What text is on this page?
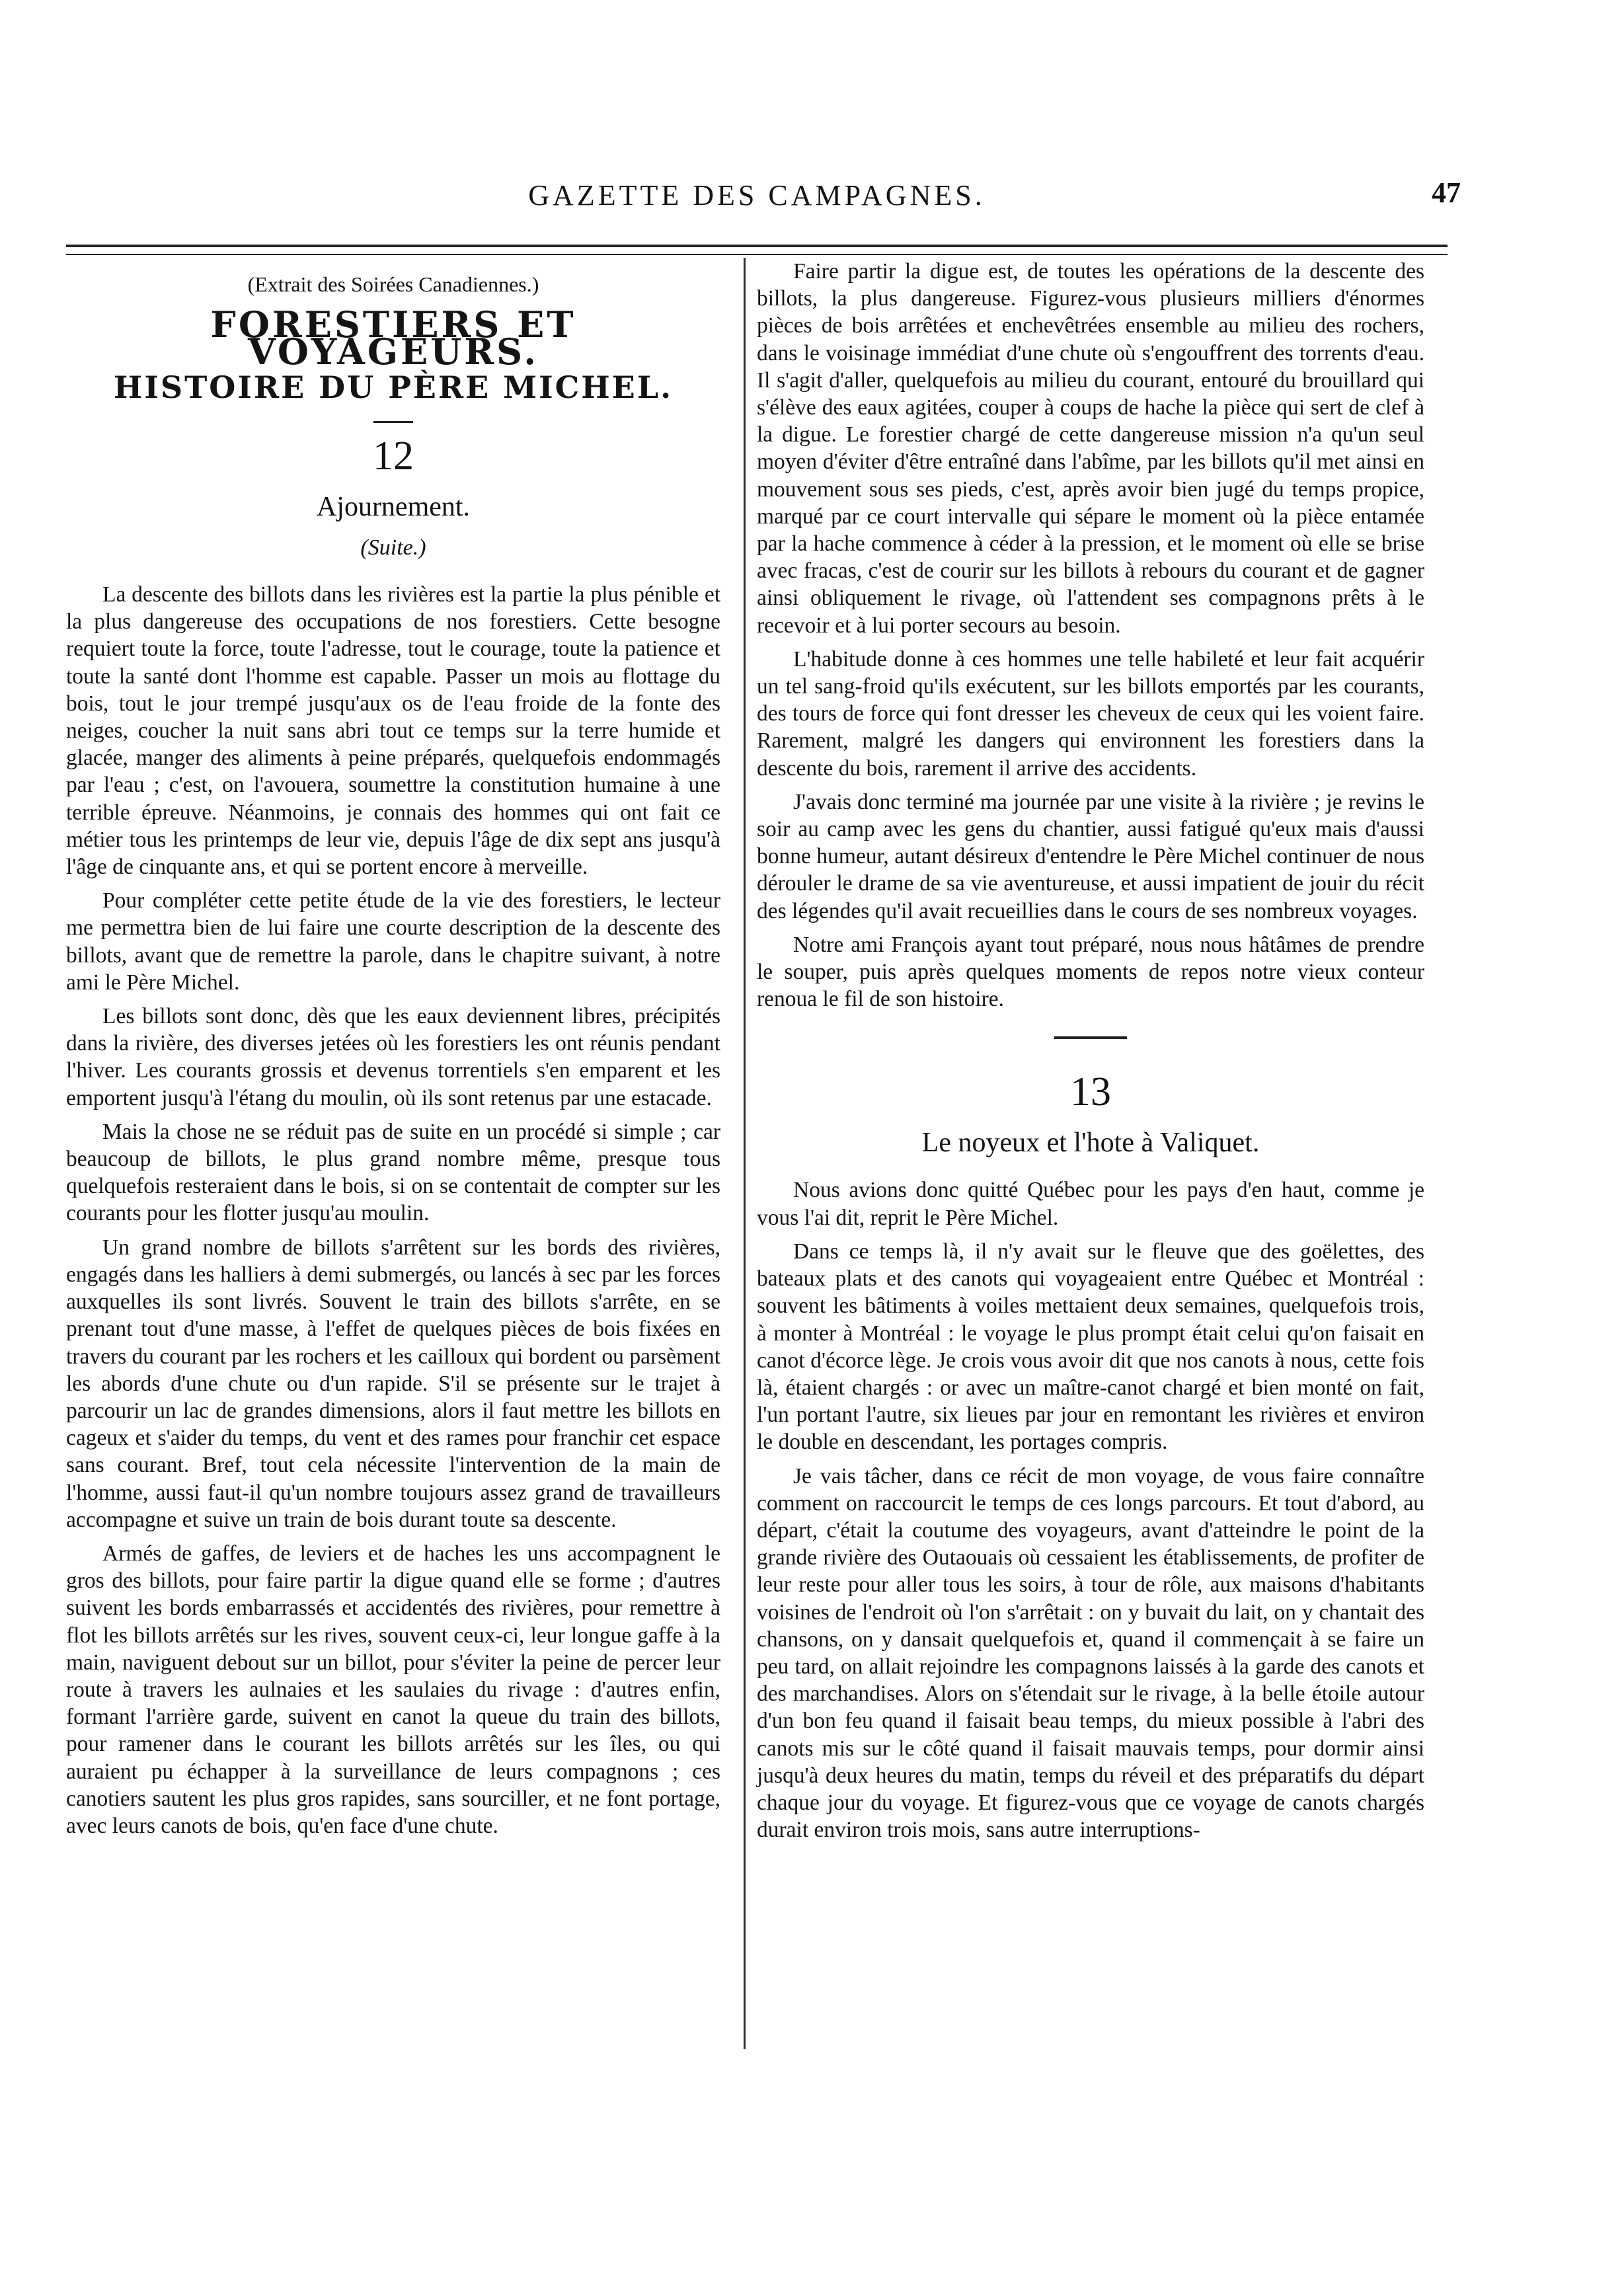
GAZETTE DES CAMPAGNES.	47
(Extrait des Soirées Canadiennes.)
FORESTIERS ET VOYAGEURS.
HISTOIRE DU PÈRE MICHEL.
12
Ajournement.
(Suite.)

La descente des billots dans les rivières est la partie la plus pénible et la plus dangereuse des occupations de nos forestiers. Cette besogne requiert toute la force, toute l'adresse, tout le courage, toute la patience et toute la santé dont l'homme est capable. Passer un mois au flottage du bois, tout le jour trempé jusqu'aux os de l'eau froide de la fonte des neiges, coucher la nuit sans abri tout ce temps sur la terre humide et glacée, manger des aliments à peine préparés, quelquefois endommagés par l'eau ; c'est, on l'avouera, soumettre la constitution humaine à une terrible épreuve. Néanmoins, je connais des hommes qui ont fait ce métier tous les printemps de leur vie, depuis l'âge de dix sept ans jusqu'à l'âge de cinquante ans, et qui se portent encore à merveille.

Pour compléter cette petite étude de la vie des forestiers, le lecteur me permettra bien de lui faire une courte description de la descente des billots, avant que de remettre la parole, dans le chapitre suivant, à notre ami le Père Michel.

Les billots sont donc, dès que les eaux deviennent libres, précipités dans la rivière, des diverses jetées où les forestiers les ont réunis pendant l'hiver. Les courants grossis et devenus torrentiels s'en emparent et les emportent jusqu'à l'étang du moulin, où ils sont retenus par une estacade.

Mais la chose ne se réduit pas de suite en un procédé si simple ; car beaucoup de billots, le plus grand nombre même, presque tous quelquefois resteraient dans le bois, si on se contentait de compter sur les courants pour les flotter jusqu'au moulin.

Un grand nombre de billots s'arrêtent sur les bords des rivières, engagés dans les halliers à demi submergés, ou lancés à sec par les forces auxquelles ils sont livrés. Souvent le train des billots s'arrête, en se prenant tout d'une masse, à l'effet de quelques pièces de bois fixées en travers du courant par les rochers et les cailloux qui bordent ou parsèment les abords d'une chute ou d'un rapide. S'il se présente sur le trajet à parcourir un lac de grandes dimensions, alors il faut mettre les billots en cageux et s'aider du temps, du vent et des rames pour franchir cet espace sans courant. Bref, tout cela nécessite l'intervention de la main de l'homme, aussi faut-il qu'un nombre toujours assez grand de travailleurs accompagne et suive un train de bois durant toute sa descente.

Armés de gaffes, de leviers et de haches les uns accompagnent le gros des billots, pour faire partir la digue quand elle se forme ; d'autres suivent les bords embarrassés et accidentés des rivières, pour remettre à flot les billots arrêtés sur les rives, souvent ceux-ci, leur longue gaffe à la main, naviguent debout sur un billot, pour s'éviter la peine de percer leur route à travers les aulnaies et les saulaies du rivage : d'autres enfin, formant l'arrière garde, suivent en canot la queue du train des billots, pour ramener dans le courant les billots arrêtés sur les îles, ou qui auraient pu échapper à la surveillance de leurs compagnons ; ces canotiers sautent les plus gros rapides, sans sourciller, et ne font portage, avec leurs canots de bois, qu'en face d'une chute.

Faire partir la digue est, de toutes les opérations de la descente des billots, la plus dangereuse. Figurez-vous plusieurs milliers d'énormes pièces de bois arrêtées et enchevêtrées ensemble au milieu des rochers, dans le voisinage immédiat d'une chute où s'engouffrent des torrents d'eau. Il s'agit d'aller, quelquefois au milieu du courant, entouré du brouillard qui s'élève des eaux agitées, couper à coups de hache la pièce qui sert de clef à la digue. Le forestier chargé de cette dangereuse mission n'a qu'un seul moyen d'éviter d'être entraîné dans l'abîme, par les billots qu'il met ainsi en mouvement sous ses pieds, c'est, après avoir bien jugé du temps propice, marqué par ce court intervalle qui sépare le moment où la pièce entamée par la hache commence à céder à la pression, et le moment où elle se brise avec fracas, c'est de courir sur les billots à rebours du courant et de gagner ainsi obliquement le rivage, où l'attendent ses compagnons prêts à le recevoir et à lui porter secours au besoin.

L'habitude donne à ces hommes une telle habileté et leur fait acquérir un tel sang-froid qu'ils exécutent, sur les billots emportés par les courants, des tours de force qui font dresser les cheveux de ceux qui les voient faire. Rarement, malgré les dangers qui environnent les forestiers dans la descente du bois, rarement il arrive des accidents.

J'avais donc terminé ma journée par une visite à la rivière ; je revins le soir au camp avec les gens du chantier, aussi fatigué qu'eux mais d'aussi bonne humeur, autant désireux d'entendre le Père Michel continuer de nous dérouler le drame de sa vie aventureuse, et aussi impatient de jouir du récit des légendes qu'il avait recueillies dans le cours de ses nombreux voyages.

Notre ami François ayant tout préparé, nous nous hâtâmes de prendre le souper, puis après quelques moments de repos notre vieux conteur renoua le fil de son histoire.

13
Le noyeux et l'hote à Valiquet.

Nous avions donc quitté Québec pour les pays d'en haut, comme je vous l'ai dit, reprit le Père Michel.

Dans ce temps là, il n'y avait sur le fleuve que des goëlettes, des bateaux plats et des canots qui voyageaient entre Québec et Montréal : souvent les bâtiments à voiles mettaient deux semaines, quelquefois trois, à monter à Montréal : le voyage le plus prompt était celui qu'on faisait en canot d'écorce lège. Je crois vous avoir dit que nos canots à nous, cette fois là, étaient chargés : or avec un maître-canot chargé et bien monté on fait, l'un portant l'autre, six lieues par jour en remontant les rivières et environ le double en descendant, les portages compris.

Je vais tâcher, dans ce récit de mon voyage, de vous faire connaître comment on raccourcit le temps de ces longs parcours. Et tout d'abord, au départ, c'était la coutume des voyageurs, avant d'atteindre le point de la grande rivière des Outaouais où cessaient les établissements, de profiter de leur reste pour aller tous les soirs, à tour de rôle, aux maisons d'habitants voisines de l'endroit où l'on s'arrêtait : on y buvait du lait, on y chantait des chansons, on y dansait quelquefois et, quand il commençait à se faire un peu tard, on allait rejoindre les compagnons laissés à la garde des canots et des marchandises. Alors on s'étendait sur le rivage, à la belle étoile autour d'un bon feu quand il faisait beau temps, du mieux possible à l'abri des canots mis sur le côté quand il faisait mauvais temps, pour dormir ainsi jusqu'à deux heures du matin, temps du réveil et des préparatifs du départ chaque jour du voyage. Et figurez-vous que ce voyage de canots chargés durait environ trois mois, sans autre interruptions-
